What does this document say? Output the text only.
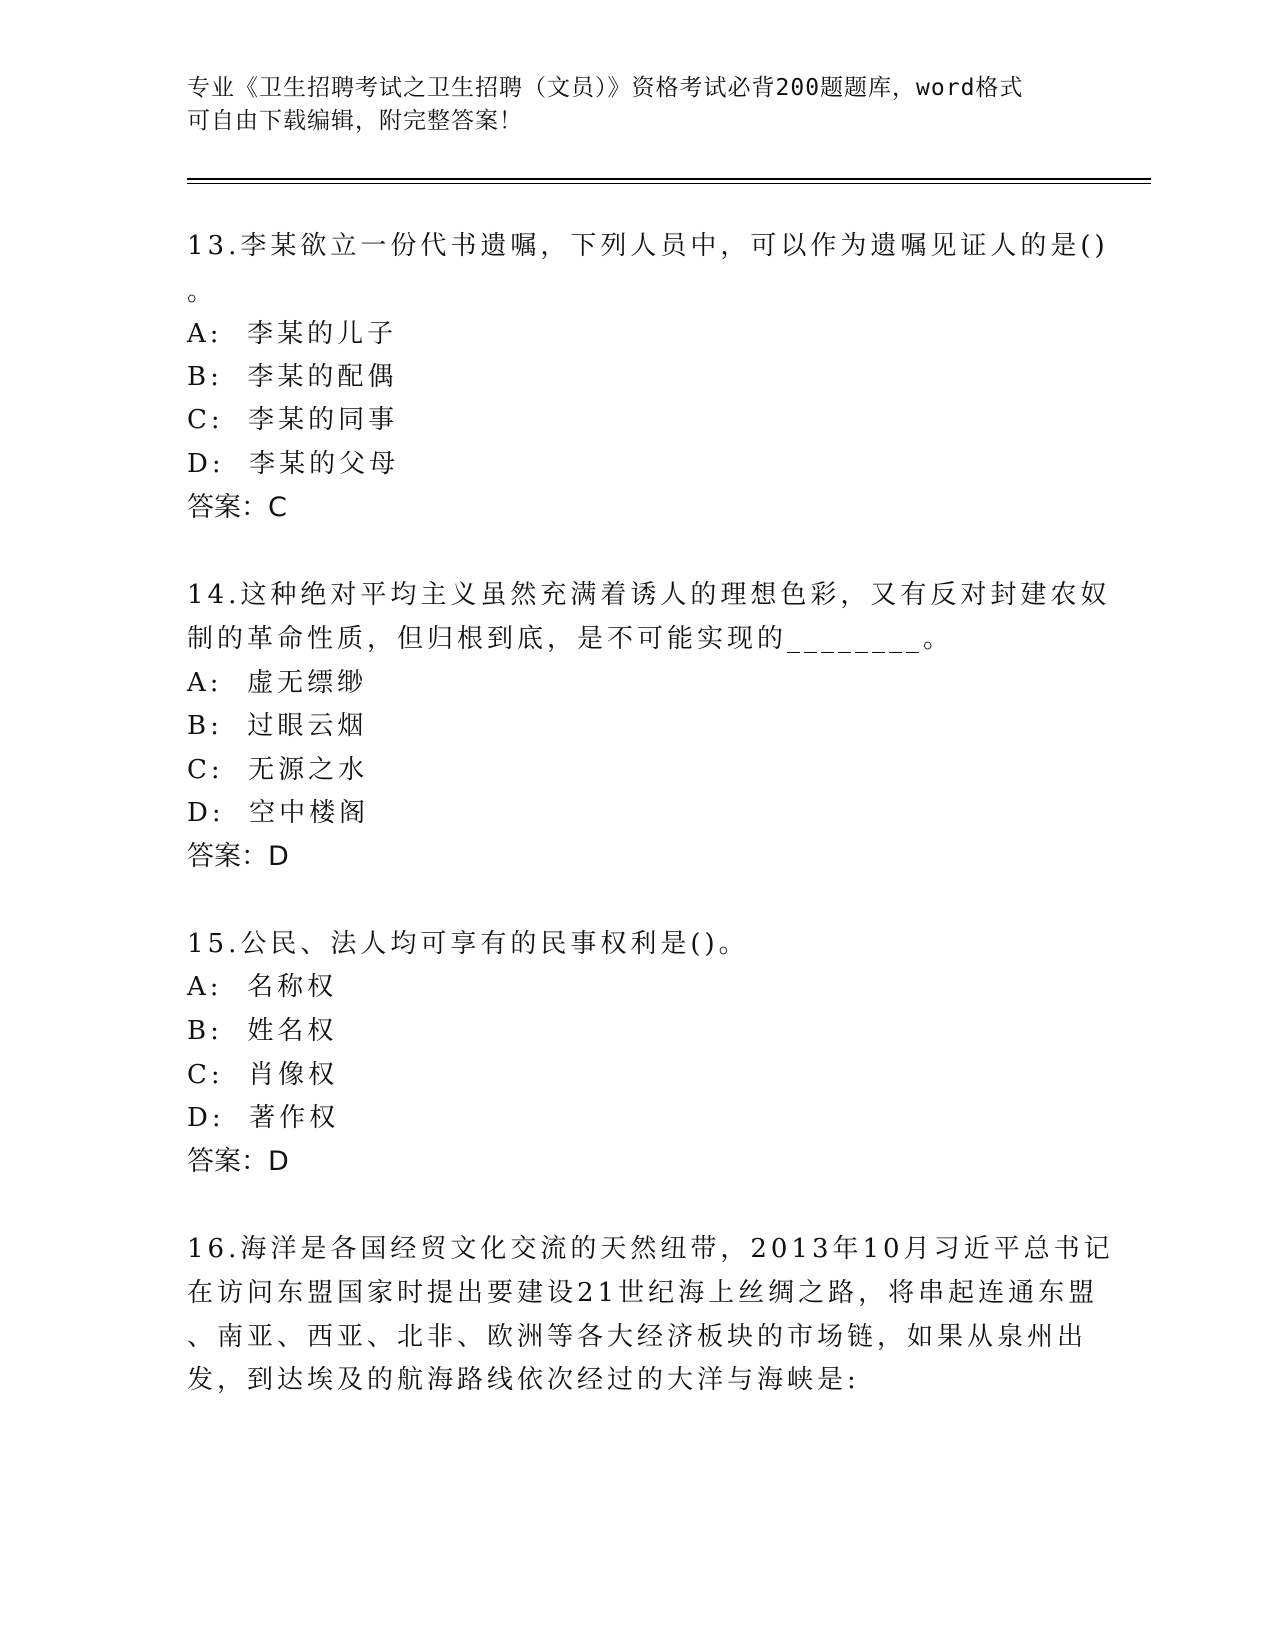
专业《卫生招聘考试之卫生招聘（文员）》资格考试必背200题题库，word格式
可自由下载编辑，附完整答案！
13.李某欲立一份代书遗嘱，下列人员中，可以作为遗嘱见证人的是()
。
A:  李某的儿子
B:  李某的配偶
C:  李某的同事
D:  李某的父母
答案：C
14.这种绝对平均主义虽然充满着诱人的理想色彩，又有反对封建农奴
制的革命性质，但归根到底，是不可能实现的________。
A:  虚无缥缈
B:  过眼云烟
C:  无源之水
D:  空中楼阁
答案：D
15.公民、法人均可享有的民事权利是()。
A:  名称权
B:  姓名权
C:  肖像权
D:  著作权
答案：D
16.海洋是各国经贸文化交流的天然纽带，2013年10月习近平总书记
在访问东盟国家时提出要建设21世纪海上丝绸之路，将串起连通东盟
、南亚、西亚、北非、欧洲等各大经济板块的市场链，如果从泉州出
发，到达埃及的航海路线依次经过的大洋与海峡是:
